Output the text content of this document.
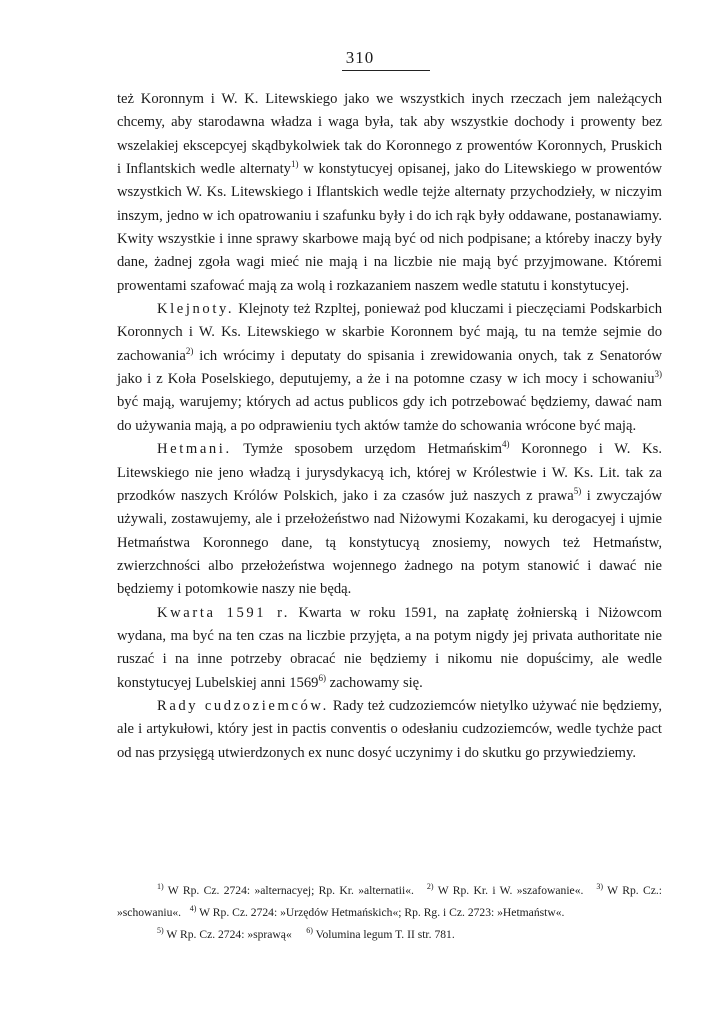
310

też Koronnym i W. K. Litewskiego jako we wszystkich inych rzeczach jem należących chcemy, aby starodawna władza i waga była, tak aby wszystkie dochody i prowenty bez wszelakiej ekscepcyej skądbykolwiek tak do Koronnego z prowentów Koronnych, Pruskich i Inflantskich wedle alternaty$^{1)}$ w konstytucyej opisanej, jako do Litewskiego w prowentów wszystkich W. Ks. Litewskiego i Iflantskich wedle tejże alternaty przychodzieły, w niczyim inszym, jedno w ich opatrowaniu i szafunku były i do ich rąk były oddawane, postanawiamy. Kwity wszystkie i inne sprawy skarbowe mają być od nich podpisane; a któreby inaczy były dane, żadnej zgoła wagi mieć nie mają i na liczbie nie mają być przyjmowane. Któremi prowentami szafować mają za wolą i rozkazaniem naszem wedle statutu i konstytucyej.

Klejnoty. Klejnoty też Rzpltej, ponieważ pod kluczami i pieczęciami Podskarbich Koronnych i W. Ks. Litewskiego w skarbie Koronnem być mają, tu na temże sejmie do zachowania$^{2)}$ ich wrócimy i deputaty do spisania i zrewidowania onych, tak z Senatorów jako i z Koła Poselskiego, deputujemy, a że i na potomne czasy w ich mocy i schowaniu$^{3)}$ być mają, warujemy; których ad actus publicos gdy ich potrzebować będziemy, dawać nam do używania mają, a po odprawieniu tych aktów tamże do schowania wrócone być mają.

Hetmani. Tymże sposobem urzędom Hetmańskim$^{4)}$ Koronnego i W. Ks. Litewskiego nie jeno władzą i jurysdykacyą ich, której w Królestwie i W. Ks. Lit. tak za przodków naszych Królów Polskich, jako i za czasów już naszych z prawa$^{5)}$ i zwyczajów używali, zostawujemy, ale i przełożeństwo nad Niżowymi Kozakami, ku derogacyej i ujmie Hetmaństwa Koronnego dane, tą konstytucyą znosiemy, nowych też Hetmaństw, zwierzchności albo przełożeństwa wojennego żadnego na potym stanowić i dawać nie będziemy i potomkowie naszy nie będą.

Kwarta 1591 r. Kwarta w roku 1591, na zapłatę żołnierską i Niżowcom wydana, ma być na ten czas na liczbie przyjęta, a na potym nigdy jej privata authoritate nie ruszać i na inne potrzeby obracać nie będziemy i nikomu nie dopuścimy, ale wedle konstytucyej Lubelskiej anni 1569$^{6)}$ zachowamy się.

Rady cudzoziemców. Rady też cudzoziemców nietylko używać nie będziemy, ale i artykułowi, który jest in pactis conventis o odesłaniu cudzoziemców, wedle tychże pact od nas przysięgą utwierdzonych ex nunc dosyć uczynimy i do skutku go przywiedziemy.

$^{1)}$ W Rp. Cz. 2724: »alternacyej; Rp. Kr. »alternatii«. $^{2)}$ W Rp. Kr. i W. »szafowanie«. $^{3)}$ W Rp. Cz.: »schowaniu«. $^{4)}$ W Rp. Cz. 2724: »Urzędów Hetmańskich«; Rp. Rg. i Cz. 2723: »Hetmaństw«.

$^{5)}$ W Rp. Cz. 2724: »sprawą« $^{6)}$ Volumina legum T. II str. 781.
